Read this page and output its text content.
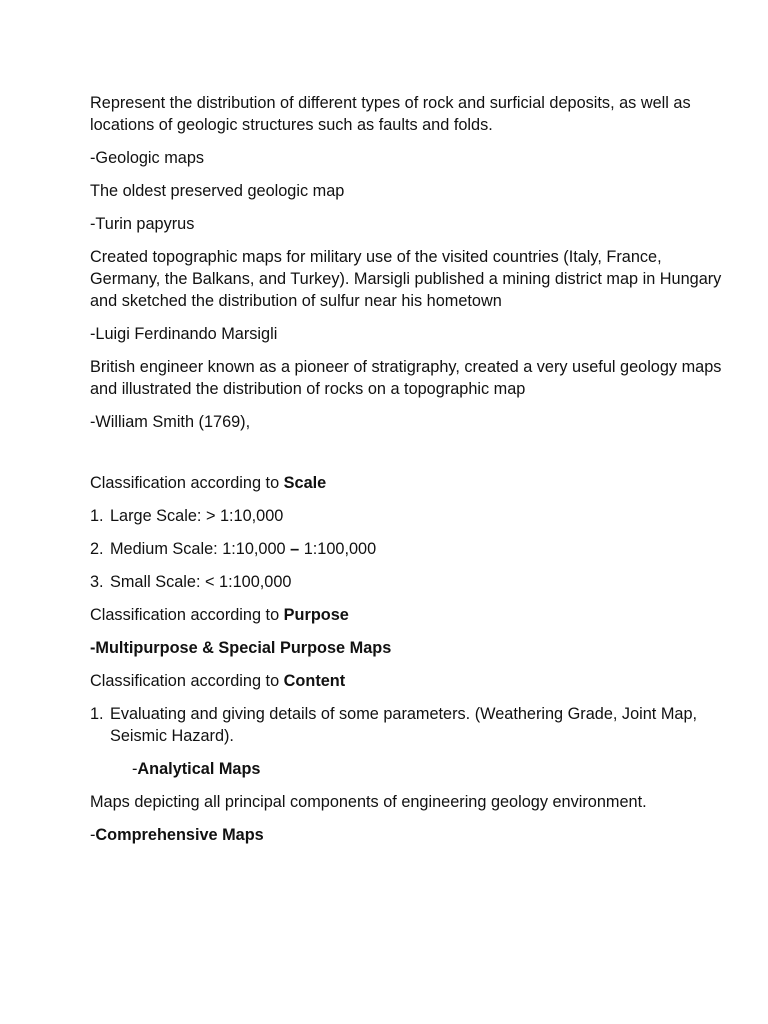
Represent the distribution of different types of rock and surficial deposits, as well as locations of geologic structures such as faults and folds.

-Geologic maps

The oldest preserved geologic map

-Turin papyrus

Created topographic maps for military use of the visited countries (Italy, France, Germany, the Balkans, and Turkey). Marsigli published a mining district map in Hungary and sketched the distribution of sulfur near his hometown

-Luigi Ferdinando Marsigli

British engineer known as a pioneer of stratigraphy, created a very useful geology maps and illustrated the distribution of rocks on a topographic map

-William Smith (1769),

Classification according to Scale

1. Large Scale: > 1:10,000
2. Medium Scale: 1:10,000 – 1:100,000
3. Small Scale: < 1:100,000

Classification according to Purpose

-Multipurpose & Special Purpose Maps

Classification according to Content

1. Evaluating and giving details of some parameters. (Weathering Grade, Joint Map, Seismic Hazard).

-Analytical Maps

Maps depicting all principal components of engineering geology environment.

-Comprehensive Maps
